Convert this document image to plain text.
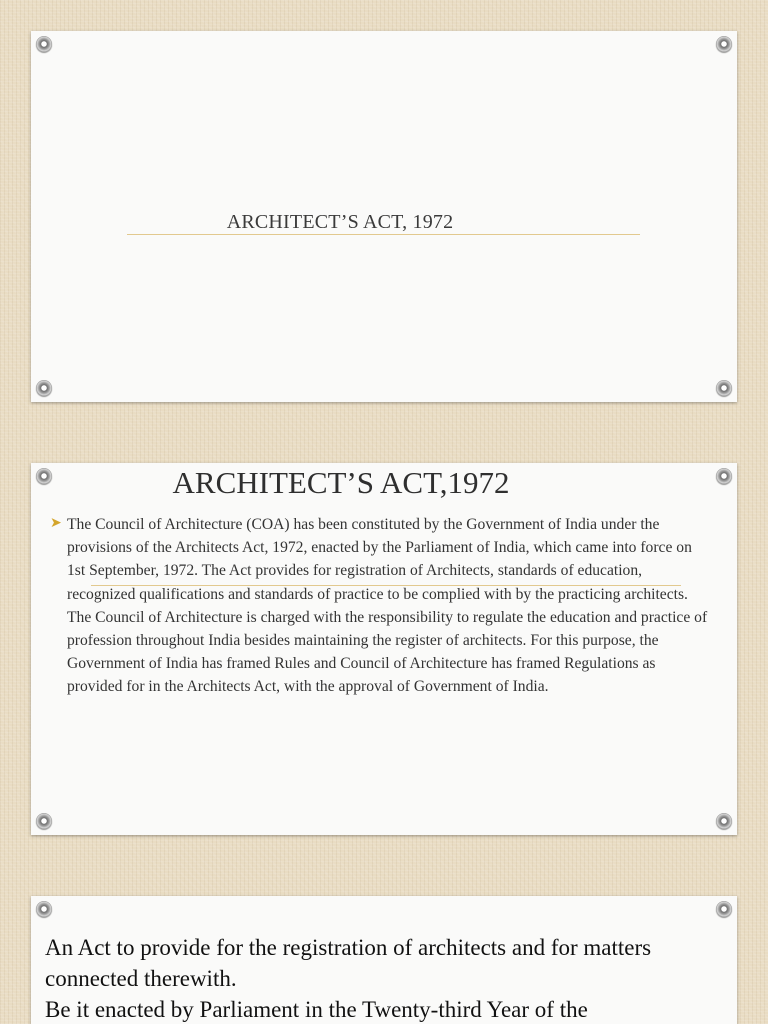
ARCHITECT’S ACT, 1972
ARCHITECT’S ACT,1972
➤ The Council of Architecture (COA) has been constituted by the Government of India under the provisions of the Architects Act, 1972, enacted by the Parliament of India, which came into force on 1st September, 1972. The Act provides for registration of Architects, standards of education, recognized qualifications and standards of practice to be complied with by the practicing architects. The Council of Architecture is charged with the responsibility to regulate the education and practice of profession throughout India besides maintaining the register of architects. For this purpose, the Government of India has framed Rules and Council of Architecture has framed Regulations as provided for in the Architects Act, with the approval of Government of India.

An Act to provide for the registration of architects and for matters connected therewith.

Be it enacted by Parliament in the Twenty-third Year of the
